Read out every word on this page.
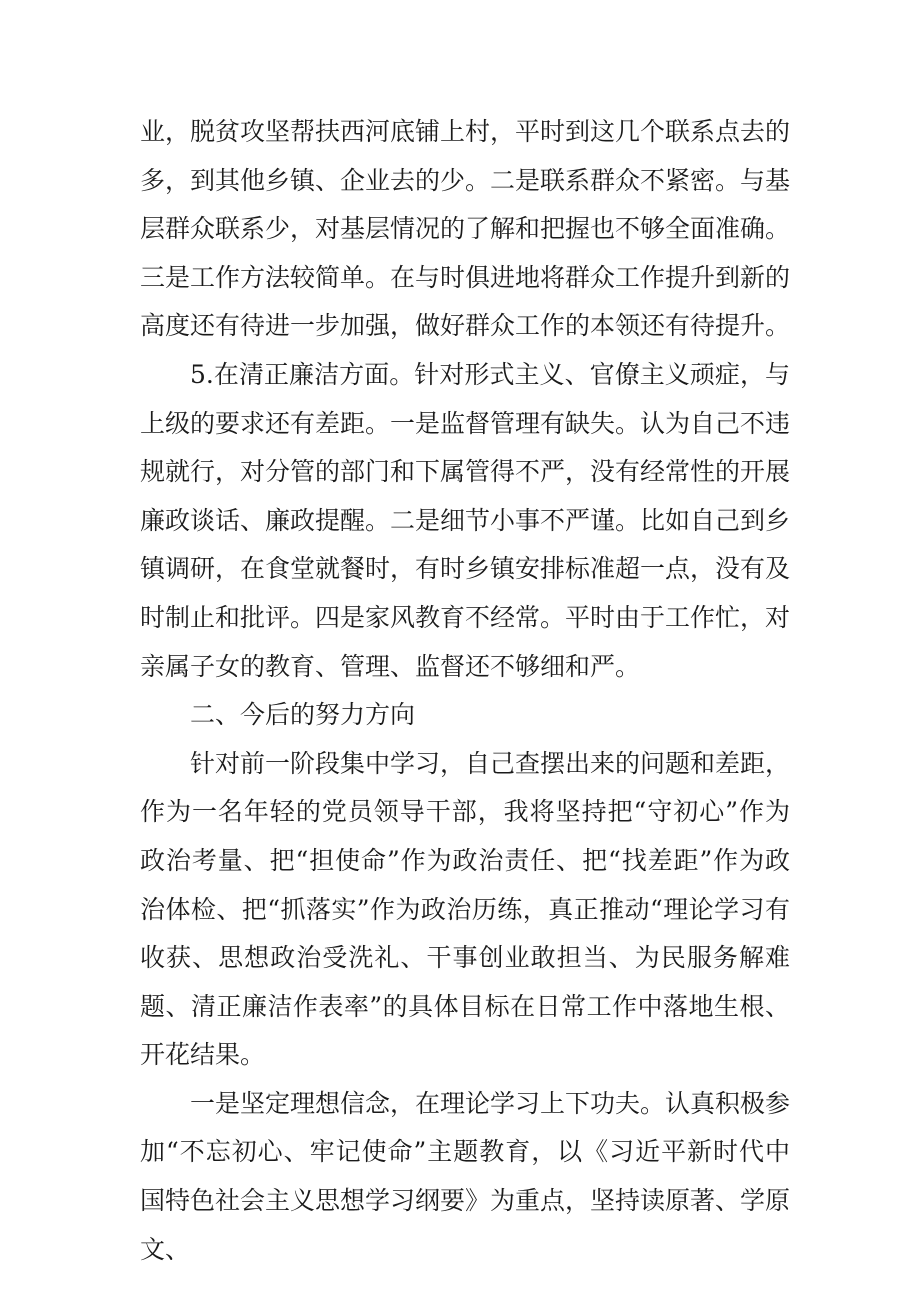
业，脱贫攻坚帮扶西河底铺上村，平时到这几个联系点去的多，到其他乡镇、企业去的少。二是联系群众不紧密。与基层群众联系少，对基层情况的了解和把握也不够全面准确。三是工作方法较简单。在与时俱进地将群众工作提升到新的高度还有待进一步加强，做好群众工作的本领还有待提升。

5.在清正廉洁方面。针对形式主义、官僚主义顽症，与上级的要求还有差距。一是监督管理有缺失。认为自己不违规就行，对分管的部门和下属管得不严，没有经常性的开展廉政谈话、廉政提醒。二是细节小事不严谨。比如自己到乡镇调研，在食堂就餐时，有时乡镇安排标准超一点，没有及时制止和批评。四是家风教育不经常。平时由于工作忙，对亲属子女的教育、管理、监督还不够细和严。

二、今后的努力方向

针对前一阶段集中学习，自己查摆出来的问题和差距，作为一名年轻的党员领导干部，我将坚持把“守初心”作为政治考量、把“担使命”作为政治责任、把“找差距”作为政治体检、把“抓落实”作为政治历练，真正推动“理论学习有收获、思想政治受洗礼、干事创业敢担当、为民服务解难题、清正廉洁作表率”的具体目标在日常工作中落地生根、开花结果。

一是坚定理想信念，在理论学习上下功夫。认真积极参加“不忘初心、牢记使命”主题教育，以《习近平新时代中国特色社会主义思想学习纲要》为重点，坚持读原著、学原文、
